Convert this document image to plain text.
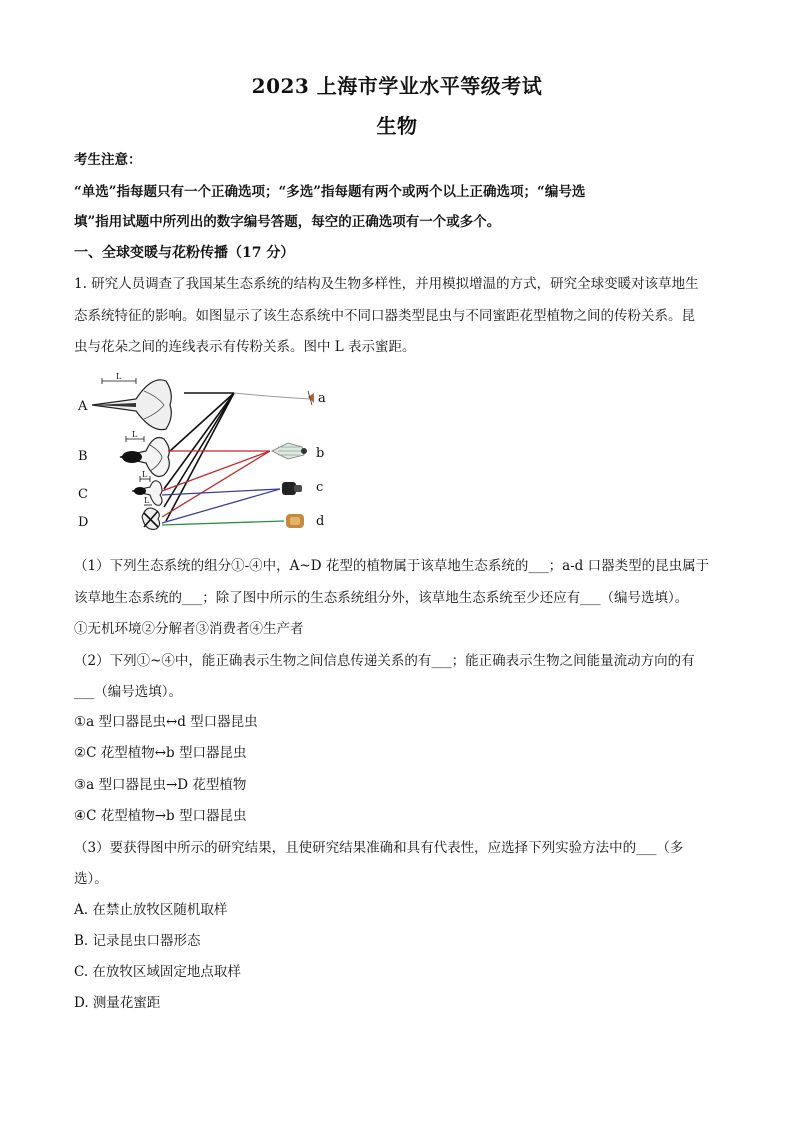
2023 上海市学业水平等级考试
生物
考生注意：
“单选”指每题只有一个正确选项；“多选”指每题有两个或两个以上正确选项；“编号选
填”指用试题中所列出的数字编号答题，每空的正确选项有一个或多个。
一、全球变暖与花粉传播（17 分）
1. 研究人员调查了我国某生态系统的结构及生物多样性，并用模拟增温的方式，研究全球变暖对该草地生
态系统特征的影响。如图显示了该生态系统中不同口器类型昆虫与不同蜜距花型植物之间的传粉关系。昆
虫与花朵之间的连线表示有传粉关系。图中 L 表示蜜距。
A
B
C
D
L
L
L
L
a
b
c
d
（1）下列生态系统的组分①-④中，A~D 花型的植物属于该草地生态系统的___；a-d 口器类型的昆虫属于
该草地生态系统的___；除了图中所示的生态系统组分外，该草地生态系统至少还应有___（编号选填）。
①无机环境②分解者③消费者④生产者
（2）下列①~④中，能正确表示生物之间信息传递关系的有___；能正确表示生物之间能量流动方向的有
___（编号选填）。
①a 型口器昆虫↔d 型口器昆虫
②C 花型植物↔b 型口器昆虫
③a 型口器昆虫→D 花型植物
④C 花型植物→b 型口器昆虫
（3）要获得图中所示的研究结果，且使研究结果准确和具有代表性，应选择下列实验方法中的___（多
选）。
A. 在禁止放牧区随机取样
B. 记录昆虫口器形态
C. 在放牧区域固定地点取样
D. 测量花蜜距
